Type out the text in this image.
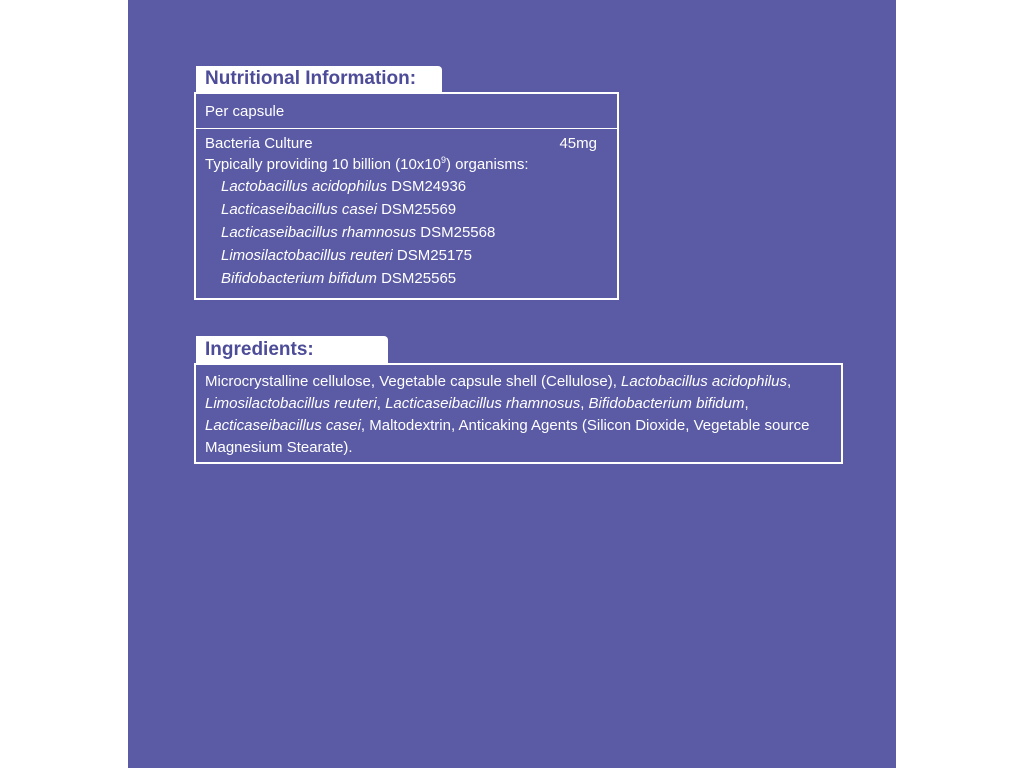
Nutritional Information:
Per capsule
Bacteria Culture	45mg
Typically providing 10 billion $(10x10^9)$ organisms:
Lactobacillus acidophilus DSM24936
Lacticaseibacillus casei DSM25569
Lacticaseibacillus rhamnosus DSM25568
Limosilactobacillus reuteri DSM25175
Bifidobacterium bifidum DSM25565
Ingredients:
Microcrystalline cellulose, Vegetable capsule shell (Cellulose), Lactobacillus acidophilus,
Limosilactobacillus reuteri, Lacticaseibacillus rhamnosus, Bifidobacterium bifidum,
Lacticaseibacillus casei, Maltodextrin, Anticaking Agents (Silicon Dioxide, Vegetable source
Magnesium Stearate).
